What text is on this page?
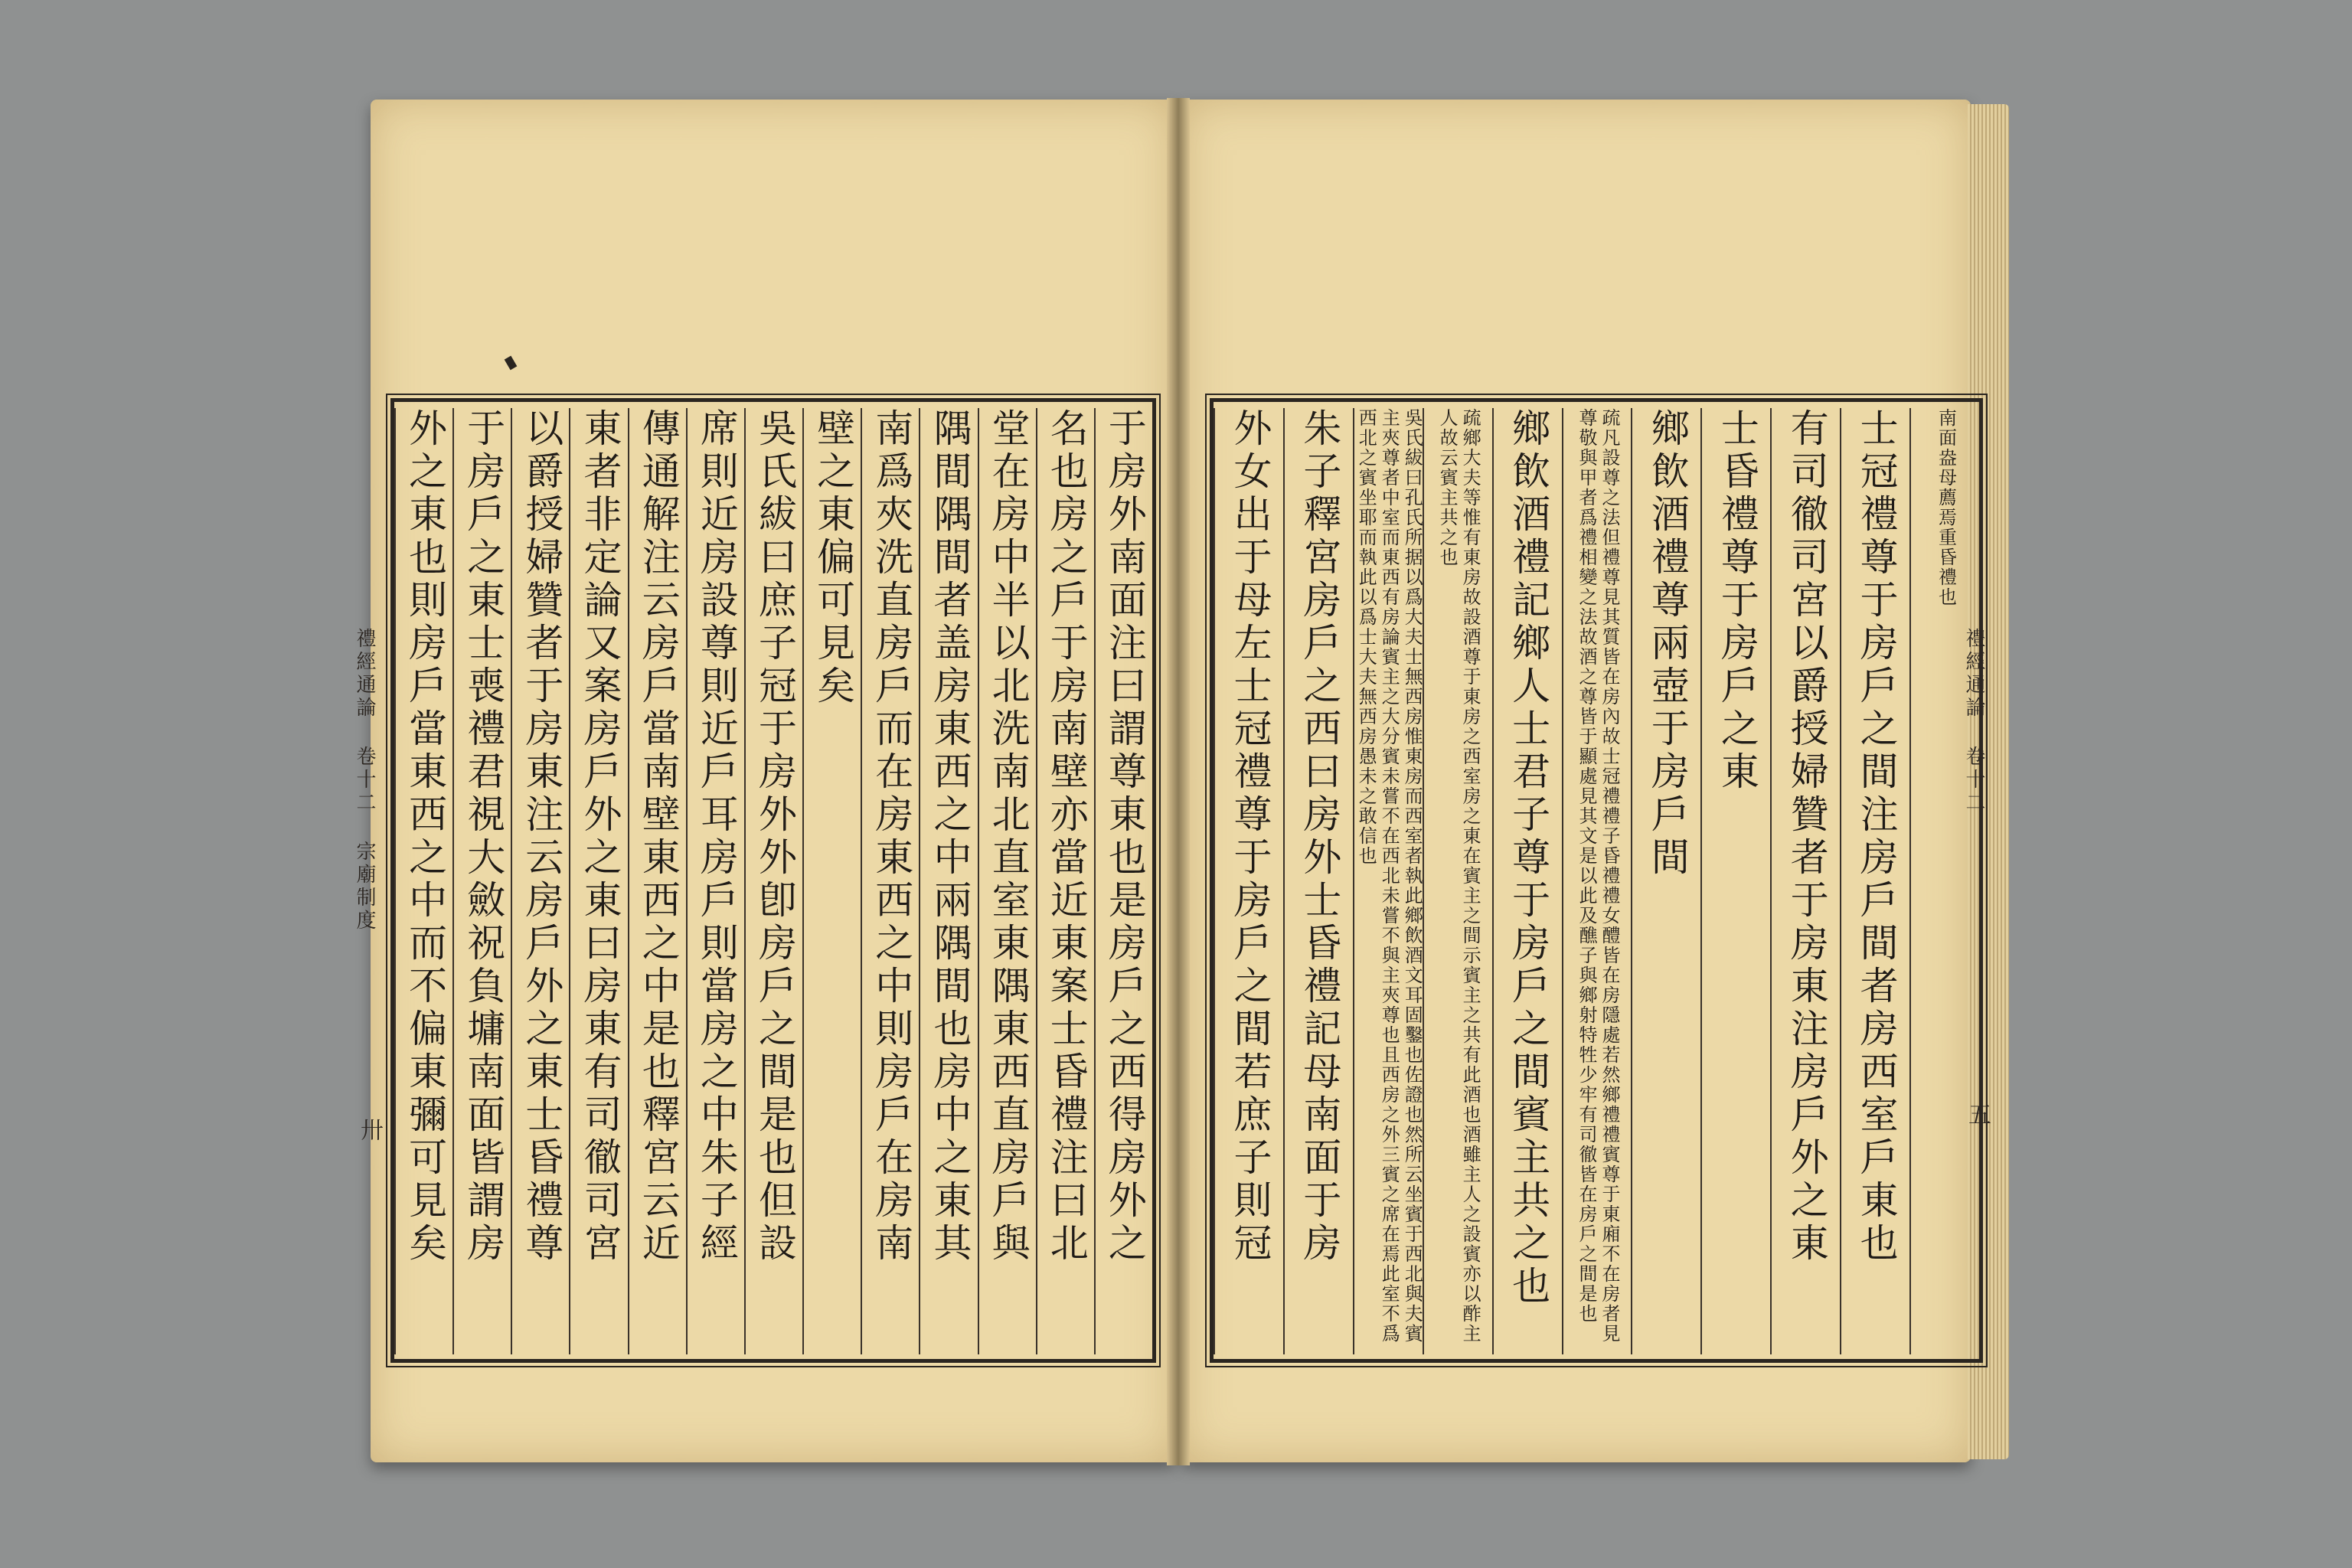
于房外南面注曰謂尊東也是房戶之西得房外之
名也房之戶于房南壁亦當近東案士昏禮注曰北
堂在房中半以北洗南北直室東隅東西直房戶與
隅間隅間者盖房東西之中兩隅間也房中之東其
南爲夾洗直房戶而在房東西之中則房戶在房南
壁之東偏可見矣
吳氏紱曰庶子冠于房外外卽房戶之間是也但設
席則近房設尊則近戶耳房戶則當房之中朱子經
傳通解注云房戶當南壁東西之中是也釋宮云近
東者非定論又案房戶外之東曰房東有司徹司宮
以爵授婦贊者于房東注云房戶外之東士昏禮尊
于房戶之東士喪禮君視大斂祝負墉南面皆謂房
外之東也則房戶當東西之中而不偏東彌可見矣
禮經通論 卷十二 宗廟制度
卅
南面盎母薦焉重昏禮也
士冠禮尊于房戶之間注房戶間者房西室戶東也
有司徹司宮以爵授婦贊者于房東注房戶外之東
士昏禮尊于房戶之東
鄉飲酒禮尊兩壺于房戶間
疏凡設尊之法但禮尊見其質皆在房內故士冠禮禮子昏禮禮女醴皆在房隱處若然鄉禮禮賓尊于東廂不在房者見尊敬與甲者爲禮相變之法故酒之尊皆于顯處見其文是以此及醮子與鄉射特牲少牢有司徹皆在房戶之間是也
鄉飲酒禮記鄉人士君子尊于房戶之間賓主共之也
疏鄉大夫等惟有東房故設酒尊于東房之西室房之東在賓主之間示賓主之共有此酒也酒雖主人之設賓亦以酢主人故云賓主共之也
吳氏紱曰孔氏所据以爲大夫士無西房惟東房而西室者執此鄉飲酒文耳固鑿也佐證也然所云坐賓于西北與夫賓主夾尊者中室而東西有房論賓主之大分賓未嘗不在西北未嘗不與主夾尊也且西房之外三賓之席在焉此室不爲西北之賓坐耶而執此以爲士大夫無西房愚未之敢信也
朱子釋宮房戶之西曰房外士昏禮記母南面于房
外女出于母左士冠禮尊于房戶之間若庶子則冠	禮經通論 卷十二
五
